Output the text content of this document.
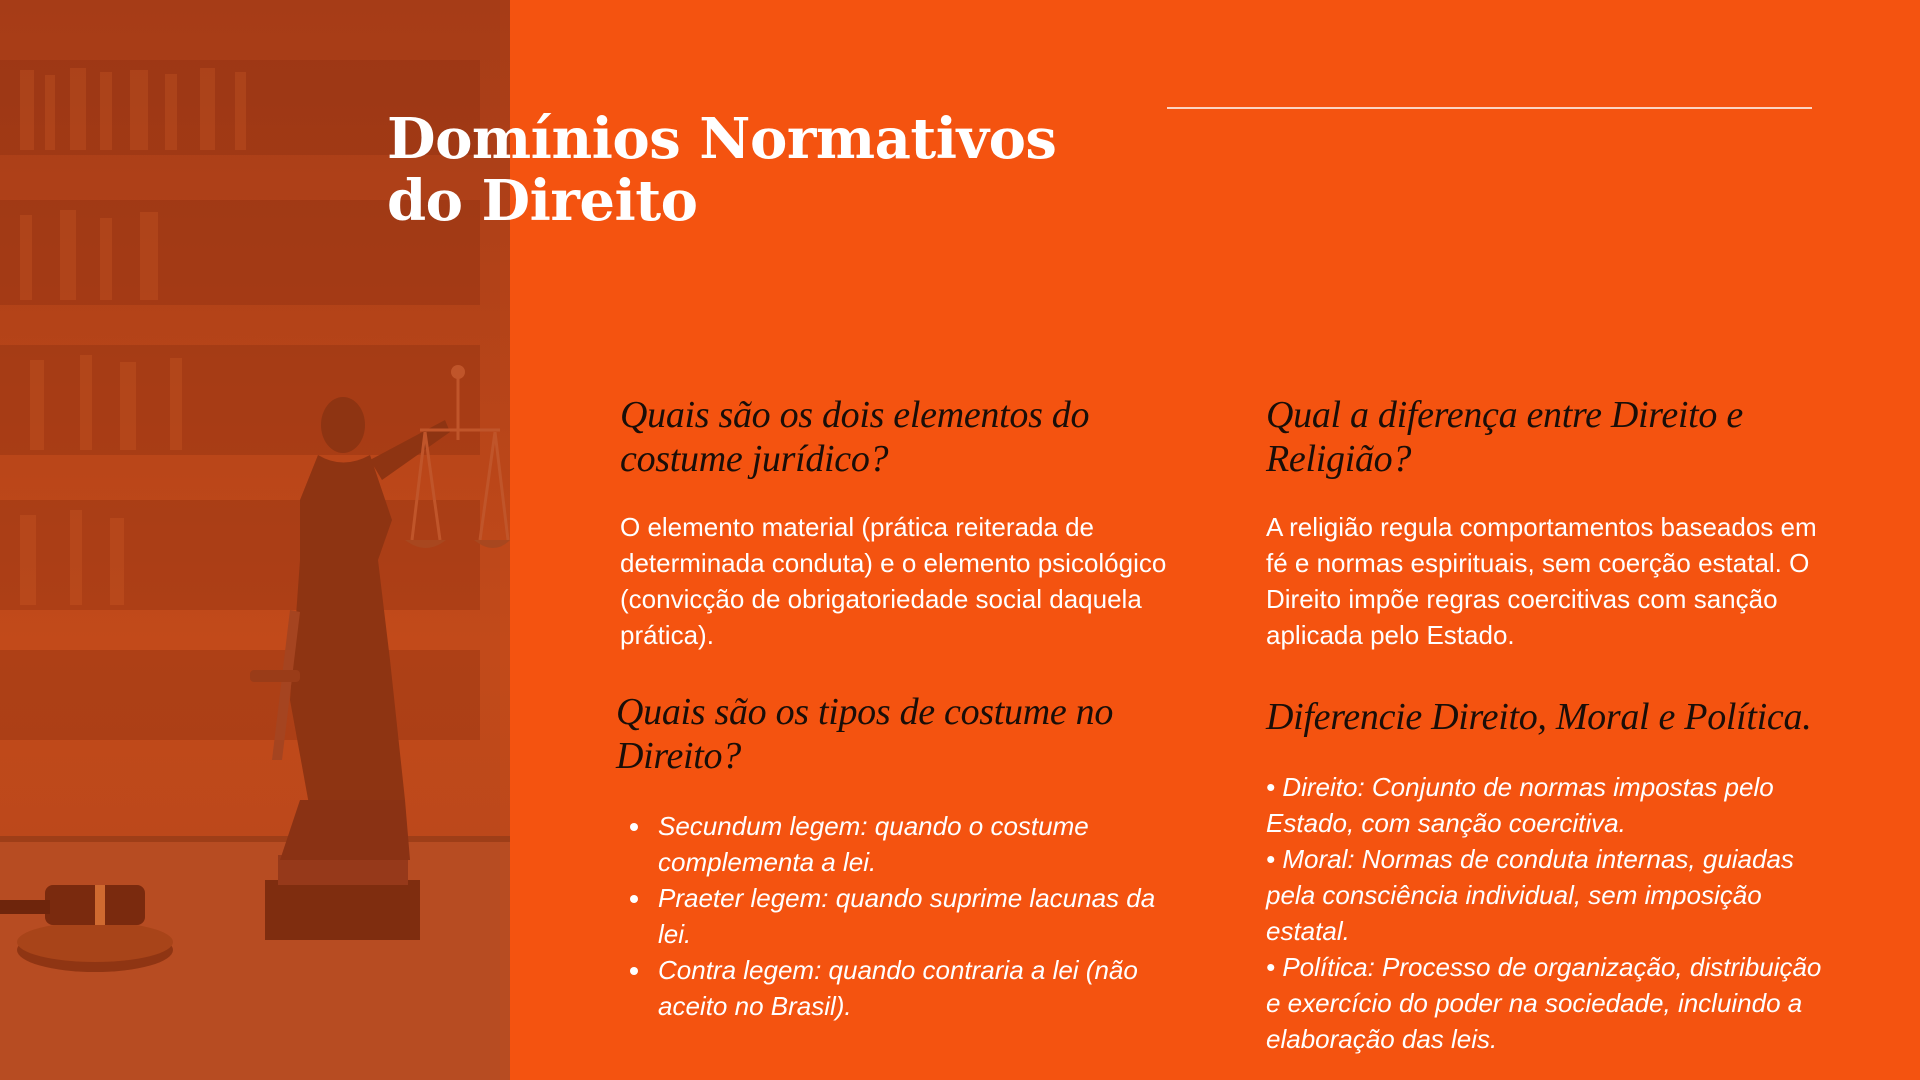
Domínios Normativos do Direito
Quais são os dois elementos do costume jurídico?
O elemento material (prática reiterada de determinada conduta) e o elemento psicológico (convicção de obrigatoriedade social daquela prática).
Quais são os tipos de costume no Direito?
Secundum legem: quando o costume complementa a lei.
Praeter legem: quando suprime lacunas da lei.
Contra legem: quando contraria a lei (não aceito no Brasil).
Qual a diferença entre Direito e Religião?
A religião regula comportamentos baseados em fé e normas espirituais, sem coerção estatal. O Direito impõe regras coercitivas com sanção aplicada pelo Estado.
Diferencie Direito, Moral e Política.
• Direito: Conjunto de normas impostas pelo Estado, com sanção coercitiva.
• Moral: Normas de conduta internas, guiadas pela consciência individual, sem imposição estatal.
• Política: Processo de organização, distribuição e exercício do poder na sociedade, incluindo a elaboração das leis.
